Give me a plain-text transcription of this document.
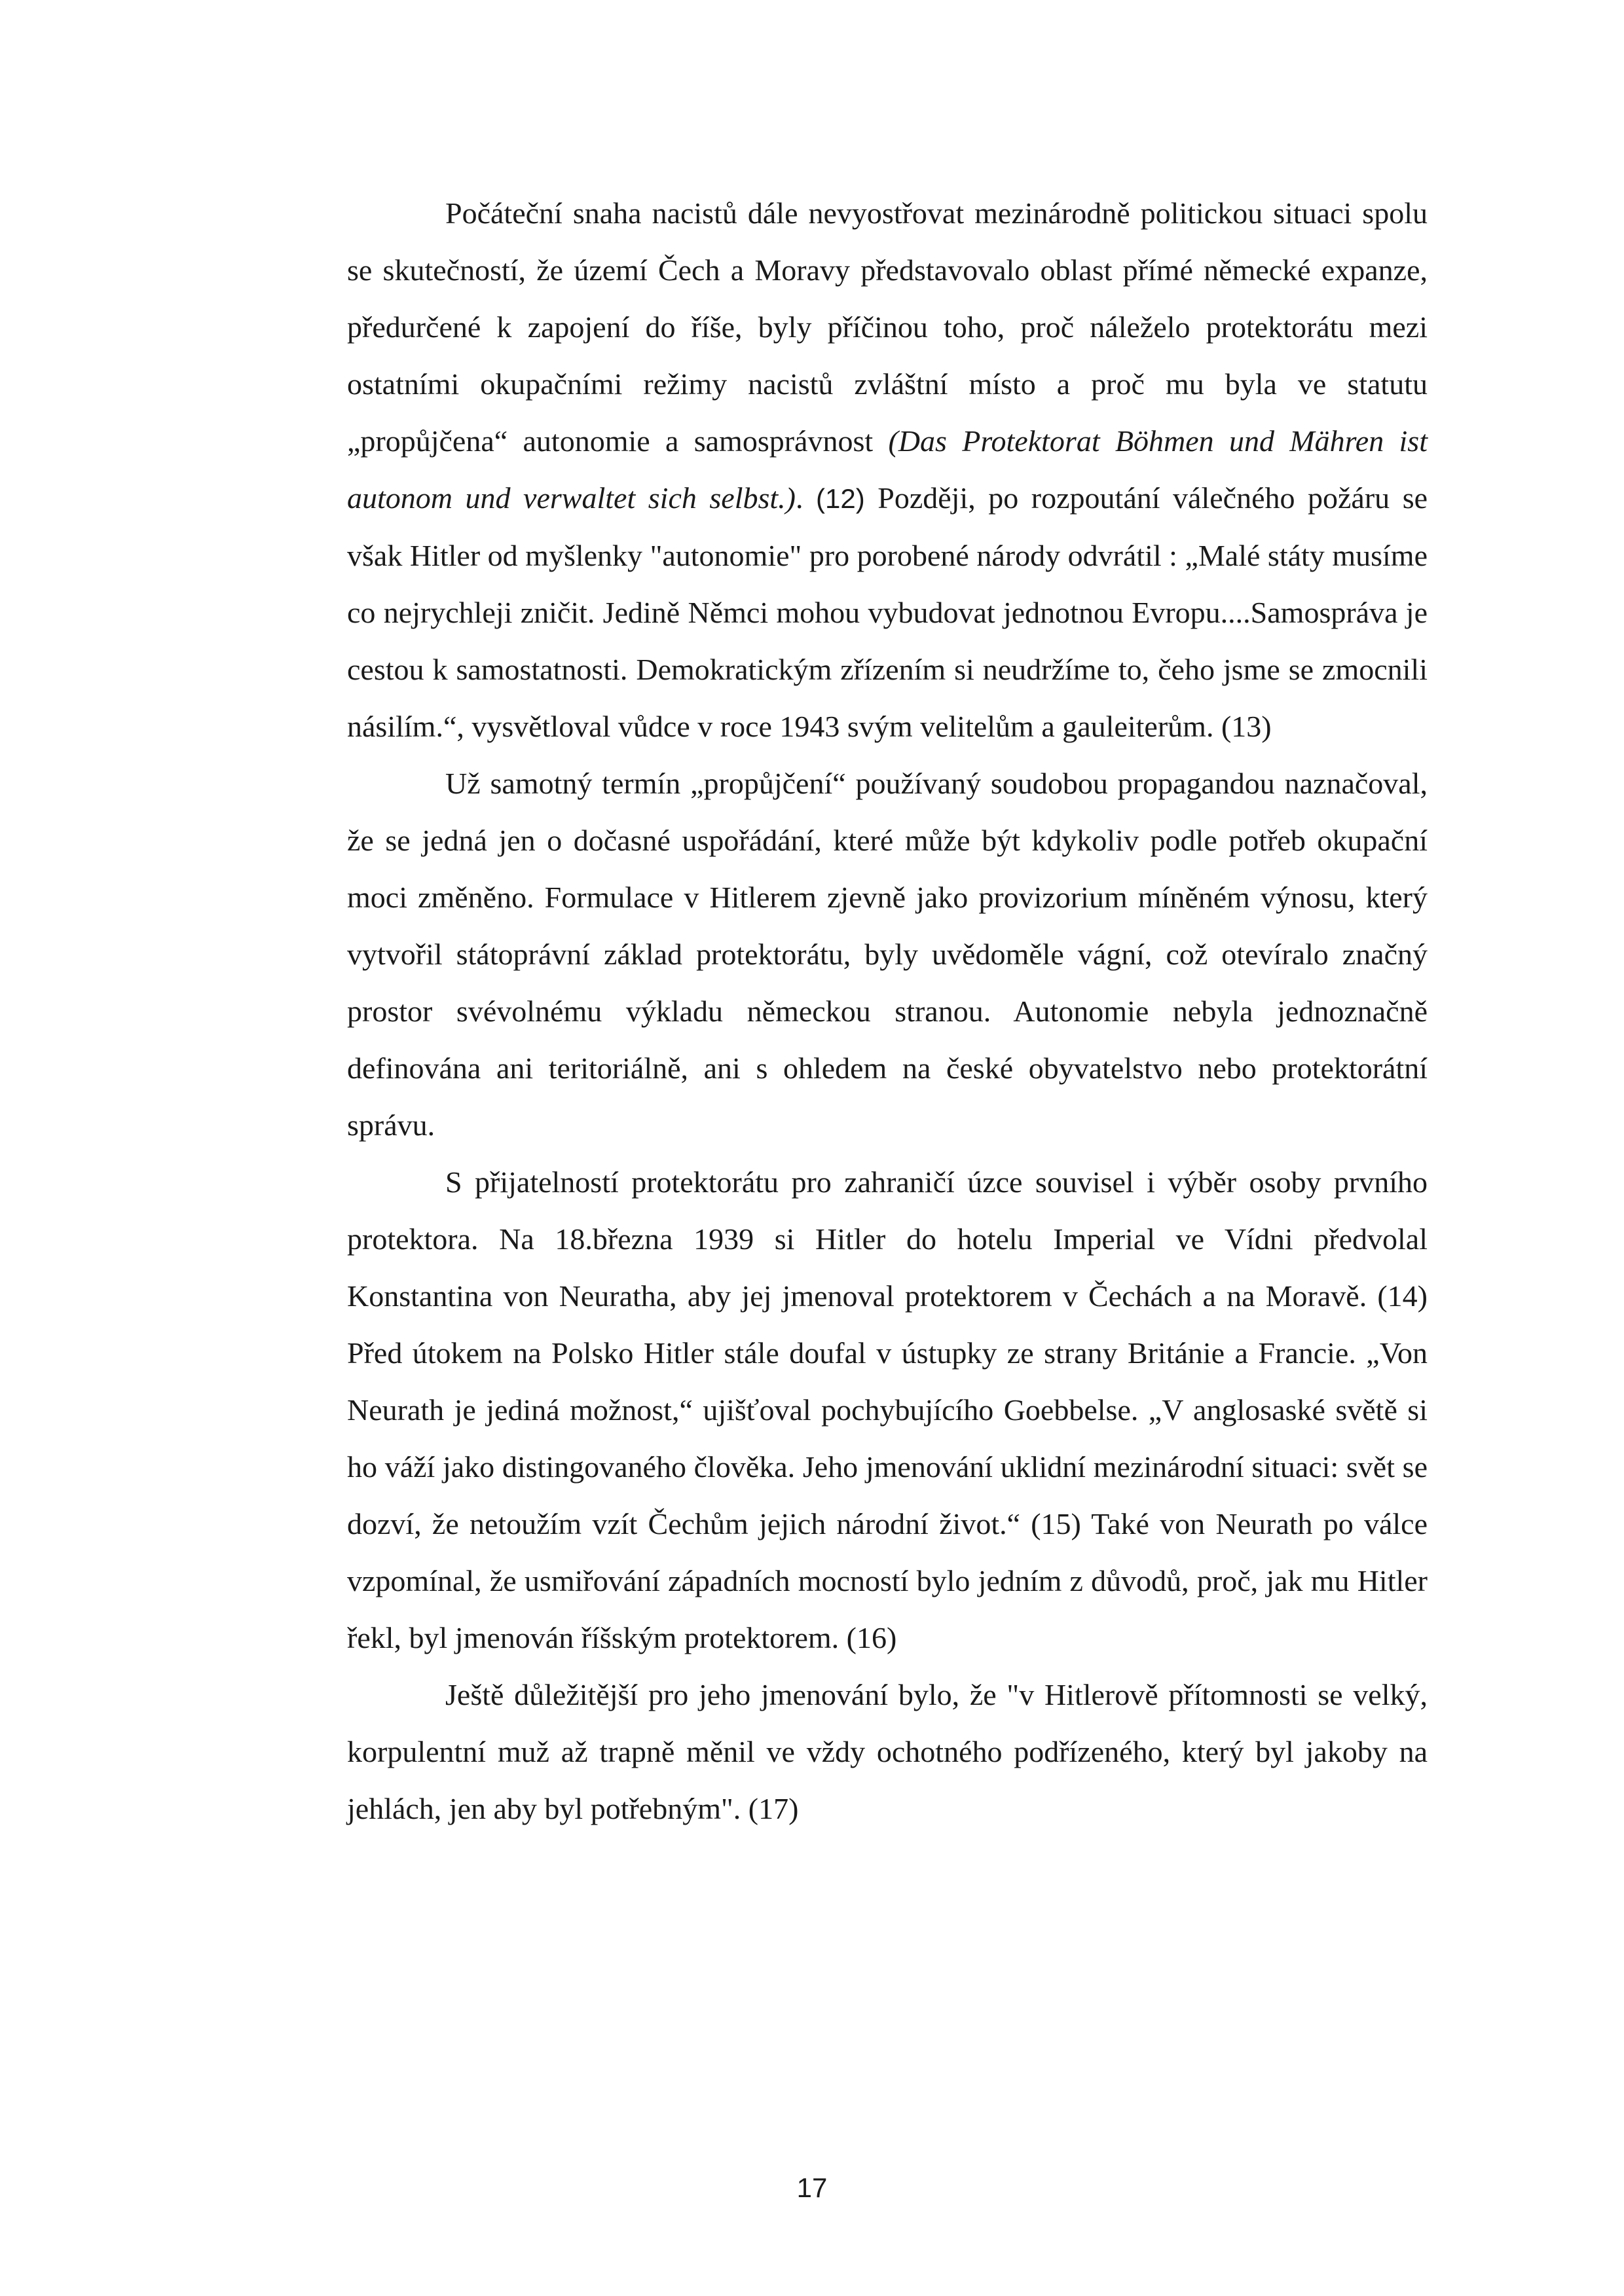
Počáteční snaha nacistů dále nevyostřovat mezinárodně politickou situaci spolu se skutečností, že území Čech a Moravy představovalo oblast přímé německé expanze, předurčené k zapojení do říše, byly příčinou toho, proč náleželo protektorátu mezi ostatními okupačními režimy nacistů zvláštní místo a proč mu byla ve statutu „propůjčena“ autonomie a samosprávnost (Das Protektorat Böhmen und Mähren ist autonom und verwaltet sich selbst.). (12) Později, po rozpoutání válečného požáru se však Hitler od myšlenky "autonomie" pro porobené národy odvrátil : „Malé státy musíme co nejrychleji zničit. Jedině Němci mohou vybudovat jednotnou Evropu....Samospráva je cestou k samostatnosti. Demokratickým zřízením si neudržíme to, čeho jsme se zmocnili násilím.“, vysvětloval vůdce v roce 1943 svým velitelům a gauleiterům. (13)

Už samotný termín „propůjčení“ používaný soudobou propagandou naznačoval, že se jedná jen o dočasné uspořádání, které může být kdykoliv podle potřeb okupační moci změněno. Formulace v Hitlerem zjevně jako provizorium míněném výnosu, který vytvořil státoprávní základ protektorátu, byly uvědoměle vágní, což otevíralo značný prostor svévolnému výkladu německou stranou. Autonomie nebyla jednoznačně definována ani teritoriálně, ani s ohledem na české obyvatelstvo nebo protektorátní správu.

S přijatelností protektorátu pro zahraničí úzce souvisel i výběr osoby prvního protektora. Na 18.března 1939 si Hitler do hotelu Imperial ve Vídni předvolal Konstantina von Neuratha, aby jej jmenoval protektorem v Čechách a na Moravě. (14) Před útokem na Polsko Hitler stále doufal v ústupky ze strany Británie a Francie. „Von Neurath je jediná možnost,“ ujišťoval pochybujícího Goebbelse. „V anglosaské světě si ho váží jako distingovaného člověka. Jeho jmenování uklidní mezinárodní situaci: svět se dozví, že netoužím vzít Čechům jejich národní život.“ (15) Také von Neurath po válce vzpomínal, že usmiřování západních mocností bylo jedním z důvodů, proč, jak mu Hitler řekl, byl jmenován říšským protektorem. (16)

Ještě důležitější pro jeho jmenování bylo, že "v Hitlerově přítomnosti se velký, korpulentní muž až trapně měnil ve vždy ochotného podřízeného, který byl jakoby na jehlách, jen aby byl potřebným". (17)

17
